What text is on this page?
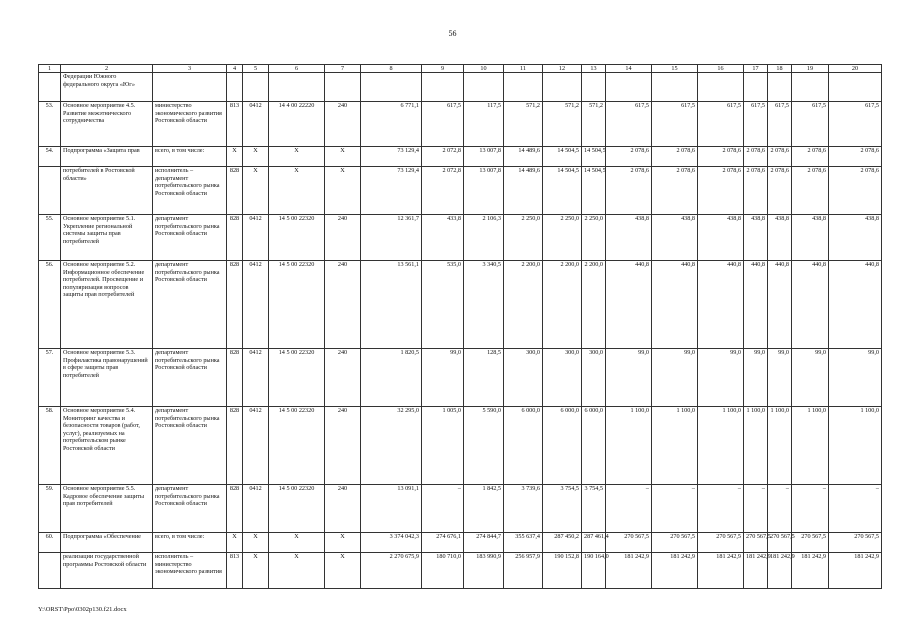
56
1	2	3	4	5	6	7	8	9	10	11	12	13	14	15	16	17	18	19	20
	Федерации Южного федерального округа «Юг»																		
53.	Основное мероприятие 4.5. Развитие межэтнического сотрудничества	министерство экономического развития Ростовской области	813	0412	14 4 00 22220	240	6 771,1	617,5	117,5	571,2	571,2	571,2	617,5	617,5	617,5	617,5	617,5	617,5	617,5
54.	Подпрограмма «Защита прав	всего, в том числе:	X	X	X	X	73 129,4	2 072,8	13 007,8	14 489,6	14 504,5	14 504,5	2 078,6	2 078,6	2 078,6	2 078,6	2 078,6	2 078,6	2 078,6
	потребителей в Ростовской области»	исполнитель – департамент потребительского рынка Ростовской области	828	X	X	X	73 129,4	2 072,8	13 007,8	14 489,6	14 504,5	14 504,5	2 078,6	2 078,6	2 078,6	2 078,6	2 078,6	2 078,6	2 078,6
55.	Основное мероприятие 5.1. Укрепление региональной системы защиты прав потребителей	департамент потребительского рынка Ростовской области	828	0412	14 5 00 22320	240	12 361,7	433,8	2 106,3	2 250,0	2 250,0	2 250,0	438,8	438,8	438,8	438,8	438,8	438,8	438,8
56.	Основное мероприятие 5.2. Информационное обеспечение потребителей. Просвещение и популяризация вопросов защиты прав потребителей	департамент потребительского рынка Ростовской области	828	0412	14 5 00 22320	240	13 561,1	535,0	3 340,5	2 200,0	2 200,0	2 200,0	440,8	440,8	440,8	440,8	440,8	440,8	440,8
57.	Основное мероприятие 5.3. Профилактика правонарушений в сфере защиты прав потребителей	департамент потребительского рынка Ростовской области	828	0412	14 5 00 22320	240	1 820,5	99,0	128,5	300,0	300,0	300,0	99,0	99,0	99,0	99,0	99,0	99,0	99,0
58.	Основное мероприятие 5.4. Мониторинг качества и безопасности товаров (работ, услуг), реализуемых на потребительском рынке Ростовской области	департамент потребительского рынка Ростовской области	828	0412	14 5 00 22320	240	32 295,0	1 005,0	5 590,0	6 000,0	6 000,0	6 000,0	1 100,0	1 100,0	1 100,0	1 100,0	1 100,0	1 100,0	1 100,0
59.	Основное мероприятие 5.5. Кадровое обеспечение защиты прав потребителей	департамент потребительского рынка Ростовской области	828	0412	14 5 00 22320	240	13 091,1	–	1 842,5	3 739,6	3 754,5	3 754,5	–	–	–	–	–	–	–
60.	Подпрограмма «Обеспечение	всего, в том числе:	X	X	X	X	3 374 042,3	274 676,1	274 844,7	355 637,4	287 450,2	287 461,4	270 567,5	270 567,5	270 567,5	270 567,5	270 567,5	270 567,5	270 567,5
	реализации государственной программы Ростовской области	исполнитель – министерство экономического развития	813	X	X	X	2 270 675,9	180 710,0	183 990,9	256 957,9	190 152,8	190 164,0	181 242,9	181 242,9	181 242,9	181 242,9	181 242,9	181 242,9	181 242,9
Y:\ORST\Ppo\0302p130.f21.docx
